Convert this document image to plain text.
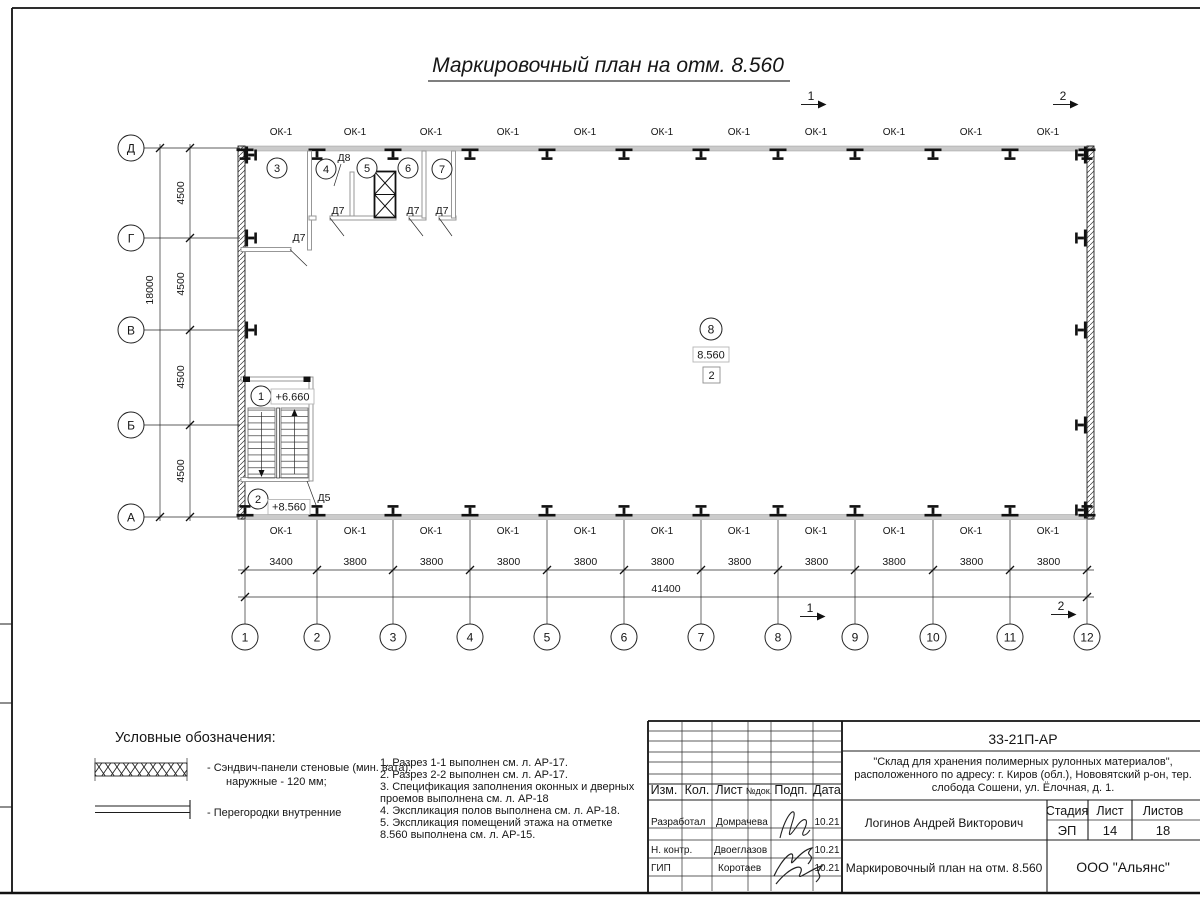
Маркировочный план на отм. 8.560
3	4	5	6	7
Д7
Д8
Д7	Д7 Д7
1 +6.660
2
+8.560
Д5
8
8.560
2
ОК-1	ОК-1	ОК-1	ОК-1	ОК-1	ОК-1	ОК-1	ОК-1	ОК-1	ОК-1	ОК-1
ОК-1	ОК-1	ОК-1	ОК-1	ОК-1	ОК-1	ОК-1	ОК-1	ОК-1	ОК-1	ОК-1
1	2
1	2
3400	3800	3800	3800	3800	3800	3800	3800	3800	3800	3800
41400
1	2	3	4	5	6	7	8	9	10	11	12
4500
4500
4500
4500
18000
Д
Г
В
Б
А
Условные обозначения:
- Сэндвич-панели стеновые (мин. вата):
наружные - 120 мм;
- Перегородки внутренние
1. Разрез 1-1 выполнен см. л. АР-17.
2. Разрез 2-2 выполнен см. л. АР-17.
3. Спецификация заполнения оконных и дверных
проемов выполнена см. л. АР-18
4. Экспликация полов выполнена см. л. АР-18.
5. Экспликация помещений этажа на отметке
8.560 выполнена см. л. АР-15.
Изм. Кол. Лист №док. Подп. Дата
Разработал Домрачева	10.21
Н. контр. Двоеглазов	10.21
ГИП	Коротаев	10.21
33-21П-АР
"Склад для хранения полимерных рулонных материалов",
расположенного по адресу: г. Киров (обл.), Нововятский р-он, тер.
слобода Сошени, ул. Ёлочная, д. 1.
Логинов Андрей Викторович
Стадия Лист Листов
ЭП 14	18
Маркировочный план на отм. 8.560 ООО "Альянс"
